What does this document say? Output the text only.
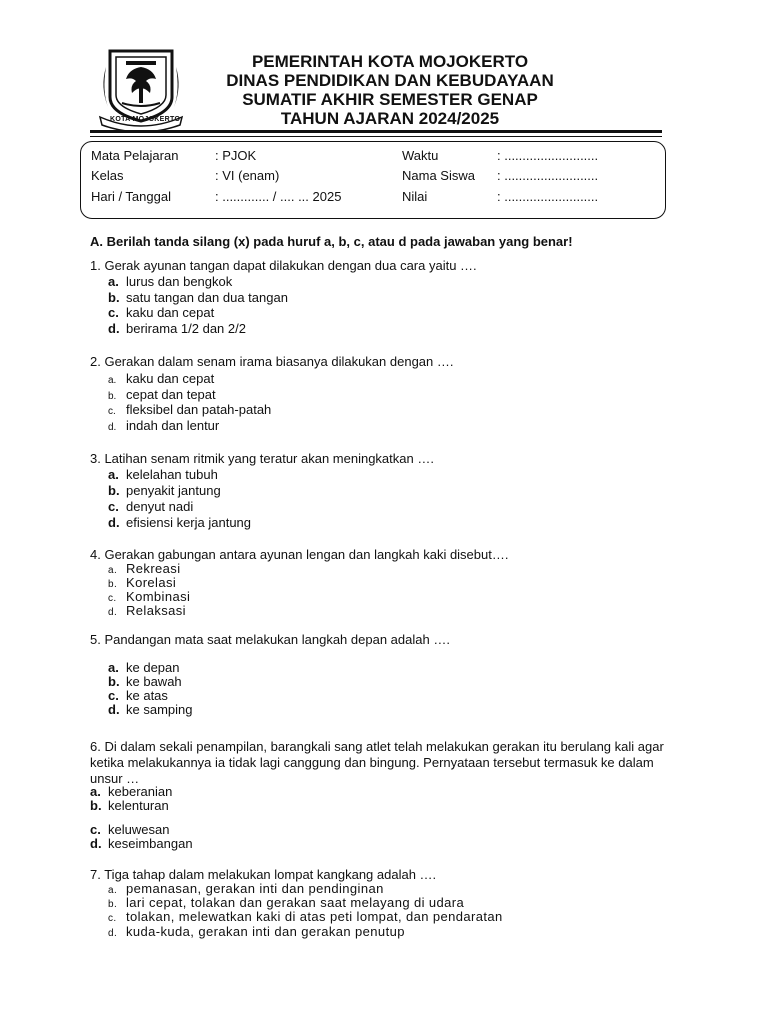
KOTA MOJOKERTO
PEMERINTAH KOTA MOJOKERTO
DINAS PENDIDIKAN DAN KEBUDAYAAN
SUMATIF AKHIR SEMESTER GENAP
TAHUN AJARAN 2024/2025
Mata Pelajaran	: PJOK
Kelas	: VI (enam)
Hari / Tanggal	: ............. / .... ... 2025
Waktu	: ..........................
Nama Siswa : ..........................
Nilai	: ..........................
A. Berilah tanda silang (x) pada huruf a, b, c, atau d pada jawaban yang benar!
1. Gerak ayunan tangan dapat dilakukan dengan dua cara yaitu ….
a. lurus dan bengkok
b. satu tangan dan dua tangan
c. kaku dan cepat
d. berirama 1/2 dan 2/2
2. Gerakan dalam senam irama biasanya dilakukan dengan ….
a. kaku dan cepat
b. cepat dan tepat
c. fleksibel dan patah-patah
d. indah dan lentur
3. Latihan senam ritmik yang teratur akan meningkatkan ….
a. kelelahan tubuh
b. penyakit jantung
c. denyut nadi
d. efisiensi kerja jantung
4. Gerakan gabungan antara ayunan lengan dan langkah kaki disebut….
a. Rekreasi
b. Korelasi
c. Kombinasi
d. Relaksasi
5. Pandangan mata saat melakukan langkah depan adalah ….
a. ke depan
b. ke bawah
c. ke atas
d. ke samping
6. Di dalam sekali penampilan, barangkali sang atlet telah melakukan gerakan itu berulang kali agar ketika melakukannya ia tidak lagi canggung dan bingung. Pernyataan tersebut termasuk ke dalam unsur …
a. keberanian
b. kelenturan
c. keluwesan
d. keseimbangan
7. Tiga tahap dalam melakukan lompat kangkang adalah ….
a. pemanasan, gerakan inti dan pendinginan
b. lari cepat, tolakan dan gerakan saat melayang di udara
c. tolakan, melewatkan kaki di atas peti lompat, dan pendaratan
d. kuda-kuda, gerakan inti dan gerakan penutup
